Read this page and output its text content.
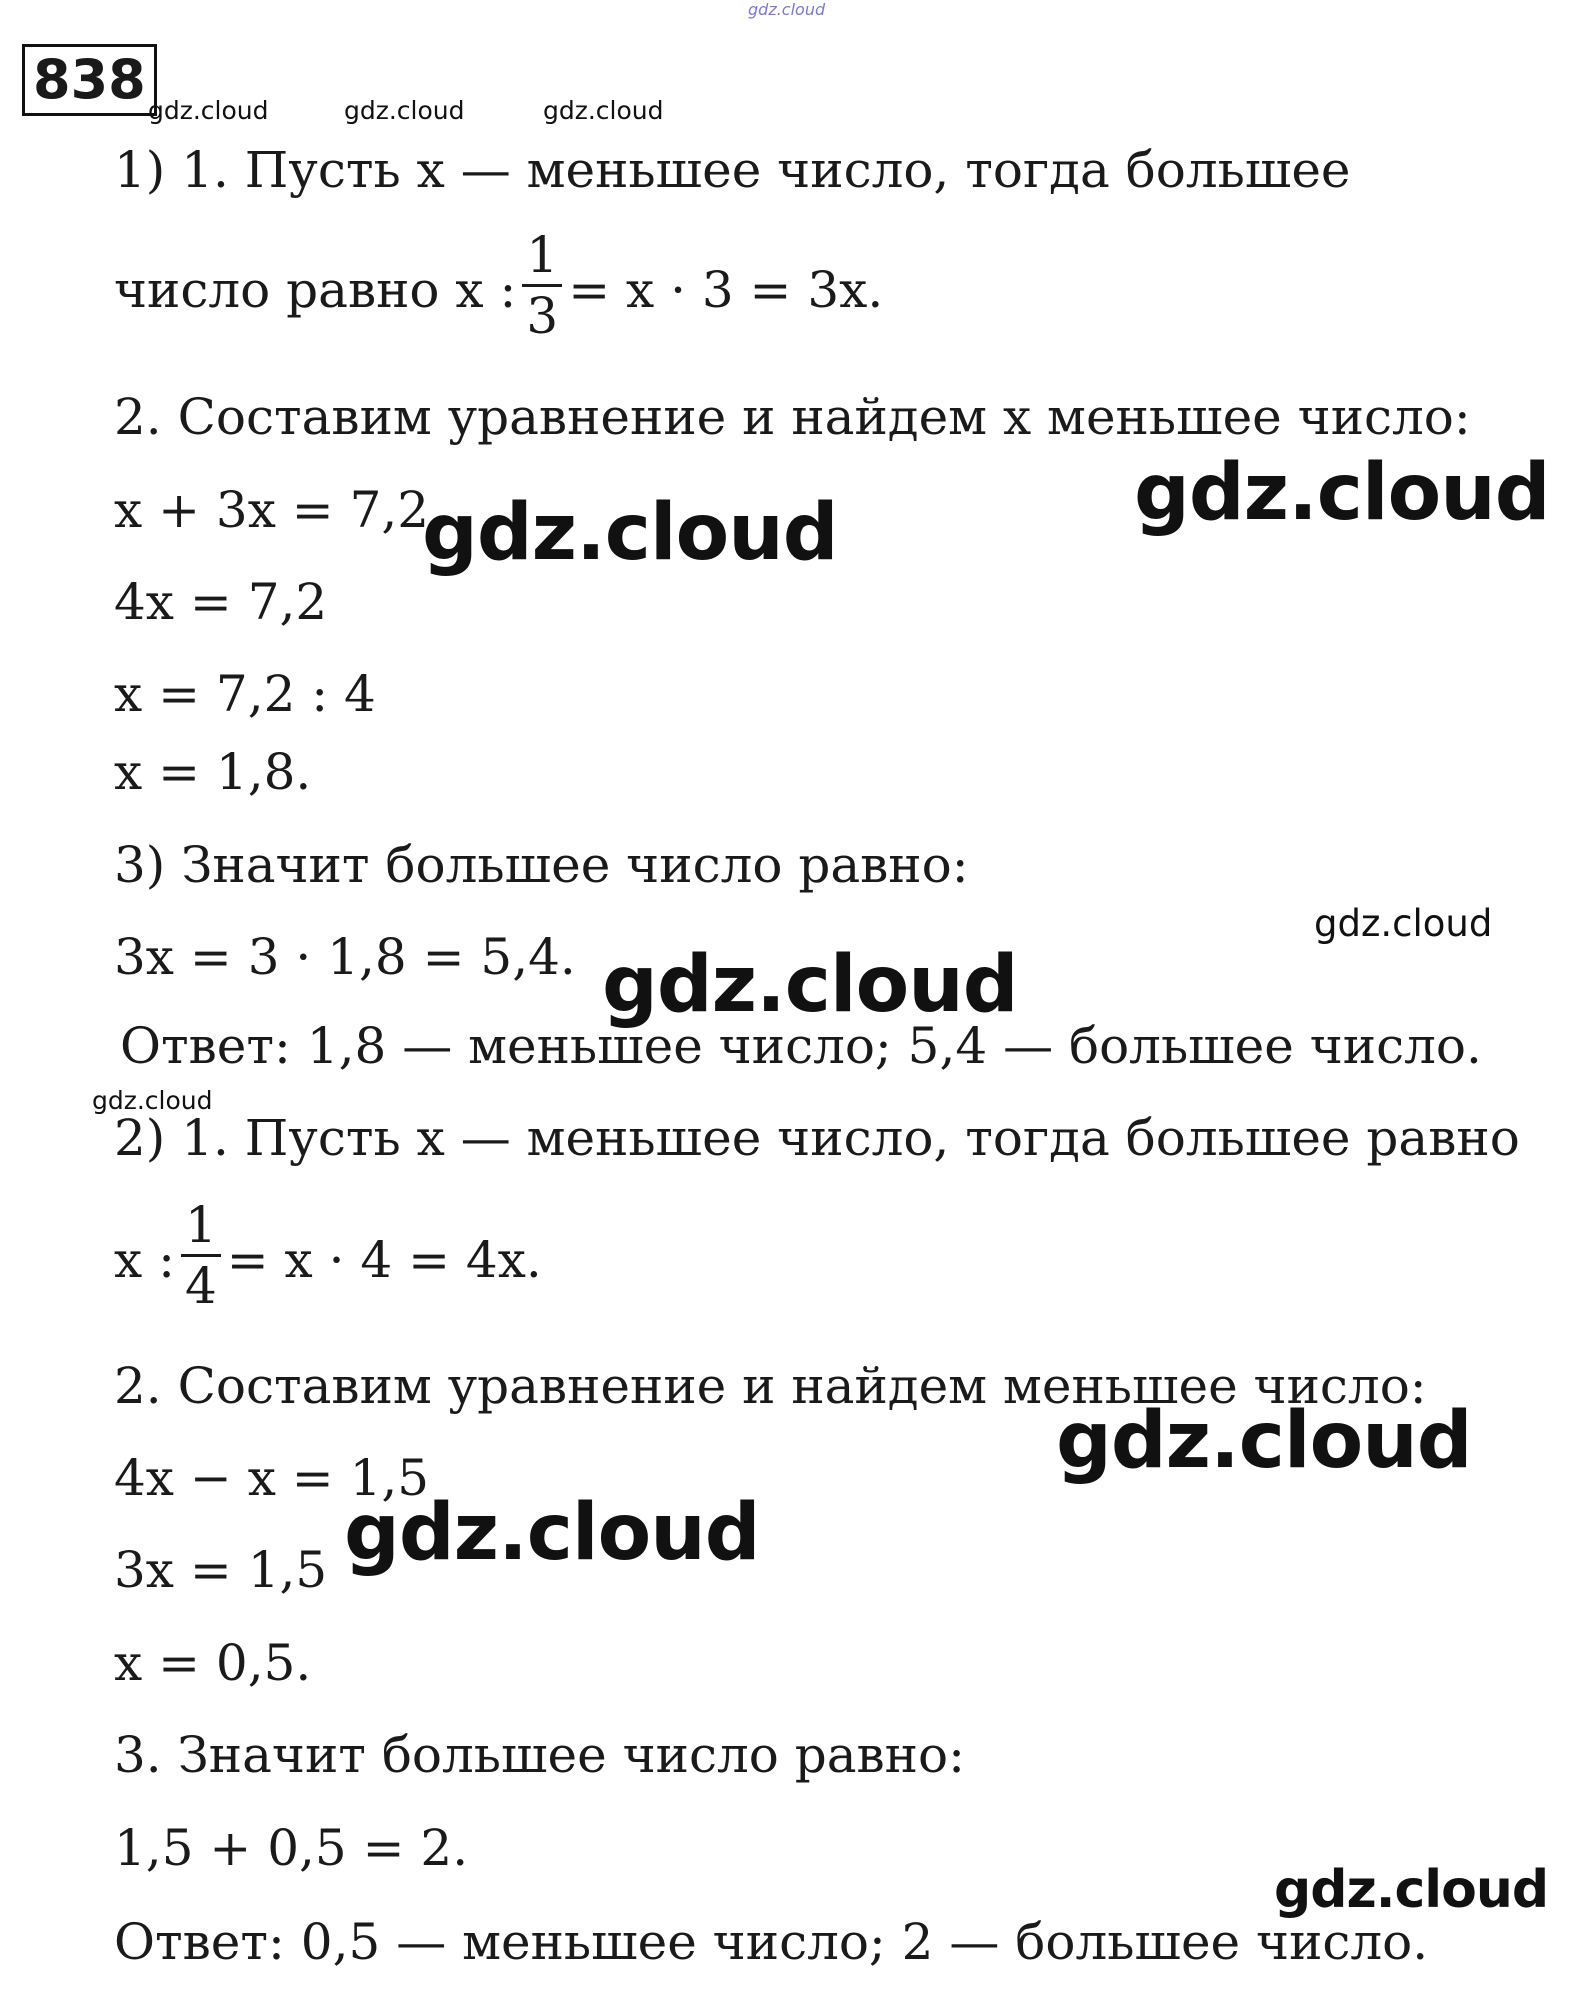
gdz.cloud
838 gdz.cloud	gdz.cloud	gdz.cloud
1) 1. Пусть x — меньшее число, тогда большее
число равно x : $\frac{1}{3} = x \cdot 3 = 3x$.
2. Составим уравнение и найдем x меньшее число:
x + 3x = 7,2
4x = 7,2
x = 7,2 : 4
x = 1,8.
3) Значит большее число равно:
3x = 3 · 1,8 = 5,4.
Ответ: 1,8 — меньшее число; 5,4 — большее число.
2) 1. Пусть x — меньшее число, тогда большее равно
x : $\frac{1}{4} = x \cdot 4 = 4x$.
2. Составим уравнение и найдем меньшее число:
4x − x = 1,5
3x = 1,5
x = 0,5.
3. Значит большее число равно:
1,5 + 0,5 = 2.
Ответ: 0,5 — меньшее число; 2 — большее число.
gdz.cloud
gdz.cloud
gdz.cloud
gdz.cloud
gdz.cloud
gdz.cloud
gdz.cloud
gdz.cloud
